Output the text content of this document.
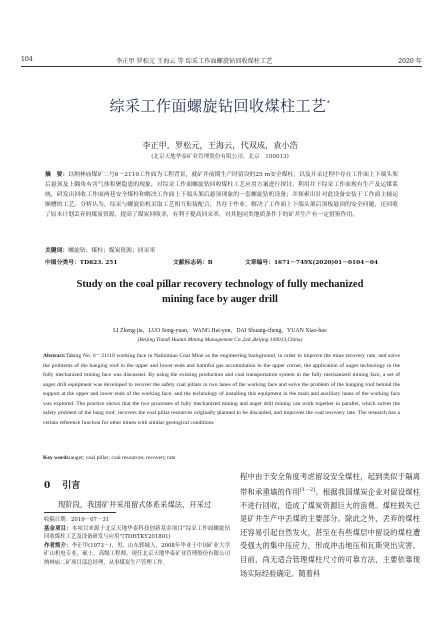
104	李正甲 罗松元 王海云 等 综采工作面螺旋钻回收煤柱工艺	2020 年
综采工作面螺旋钻回收煤柱工艺*
李正甲，罗松元，王海云，代双成，袁小浩
(北京天地华泰矿业管理股份有限公司，北京　100013)
摘　要：以纳林庙煤矿二号6－2110工作面为工程背景，就矿井前期生产时留设的25 m安全煤柱，以及开采过程中存在工作面上下端头架后悬顶及上隅角有害气体积聚隐患的现象，对综采工作面螺旋钻回收煤柱工艺应用方案进行探讨。利用井下综采工作面现有生产及运煤系统，研发出回收工作面两巷安全煤柱和解决工作面上下端头架后悬顶现象的一套螺旋钻机设备；并探索出针对此设备安装于工作面主辅运顺槽的工艺。分析认为，综采与螺旋钻机采取工艺相互衔接配合，共存于作业，解决了工作面上下端头架后顶板悬顶的安全问题，还回收了原本计划丢弃的煤炭资源，提高了煤炭回收率，有利于提高回采率，对其他同类地质条件下的矿井生产有一定借鉴作用。
关键词：螺旋钻；煤柱；煤炭资源；回采率
中图分类号：TD823. 251	文献标志码：B	文章编号：1671－749X(2020)01－0104－04
Study on the coal pillar recovery technology of fully mechanized mining face by auger drill
LI Zheng-jia，LUO Song-yuan，WANG Hai-yun，DAI Shuang-cheng，YUAN Xiao-hao
(Beijing Tiandi Huatai Mining Management Co.,Ltd.,Beijing 100013,China)
Abstract:Taking No. 6－21110 working face in Nalinmiao Coal Mine as the engineering background, in order to improve the mine recovery rate, and solve the problems of the hanging roof in the upper and lower ends and harmful gas accumulation in the upper corner, the application of auger technology in the fully mechanized mining face was discussed. By using the existing production and coal transportation system in the fully mechanized mining face, a set of auger drill equipment was developed to recover the safety coal pillars in two lanes of the working face and solve the problem of the hanging roof behind the support at the upper and lower ends of the working face, and the technology of installing this equipment in the main and auxiliary lanes of the working face was explored. The practice shows that the two processes of fully mechanized mining and auger drill mining can work together in parallel, which solves the safety problem of the hang roof, recovers the coal pillar resources originally planned to be discarded, and improves the coal recovery rate. The research has a certain reference function for other mines with similar geological conditions
Key words:auger; coal pillar; coal resources; recovery rate
0 引言
现阶段，我国矿井采用留式体系采煤法，开采过
收稿日期：2019－07－31
基金项目：本项目来源于北京天地华泰科技创新基金项目“综采工作面螺旋钻回收煤柱工艺及设备研发与应用”(TDHTKY201801)
作者简介：李正甲(1973－)，男，山东郓城人，2008年毕业于中国矿业大学矿山机电专业，硕士，高级工程师，现任北京天地华泰矿业管理股份有限公司纳林庙二矿项目部总经理，从事煤炭生产管理工作。
程中由于安全角度考虑留设安全煤柱，起到类似于隔离带和承重墙的作用[1－2]。根据我国煤炭企业对留设煤柱不进行回收，造成了煤炭资源巨大的浪费。煤柱损失已是矿井生产中丢煤的主要部分。除此之外，丢弃的煤柱还容易引起自然发火，甚至在有些煤层中留设的煤柱遭受强大的集中压应力，形成冲击地压和瓦斯突出灾害。目前，尚无适合管理煤柱尺寸的可靠方法，主要依靠现场实际经验确定。随着科
